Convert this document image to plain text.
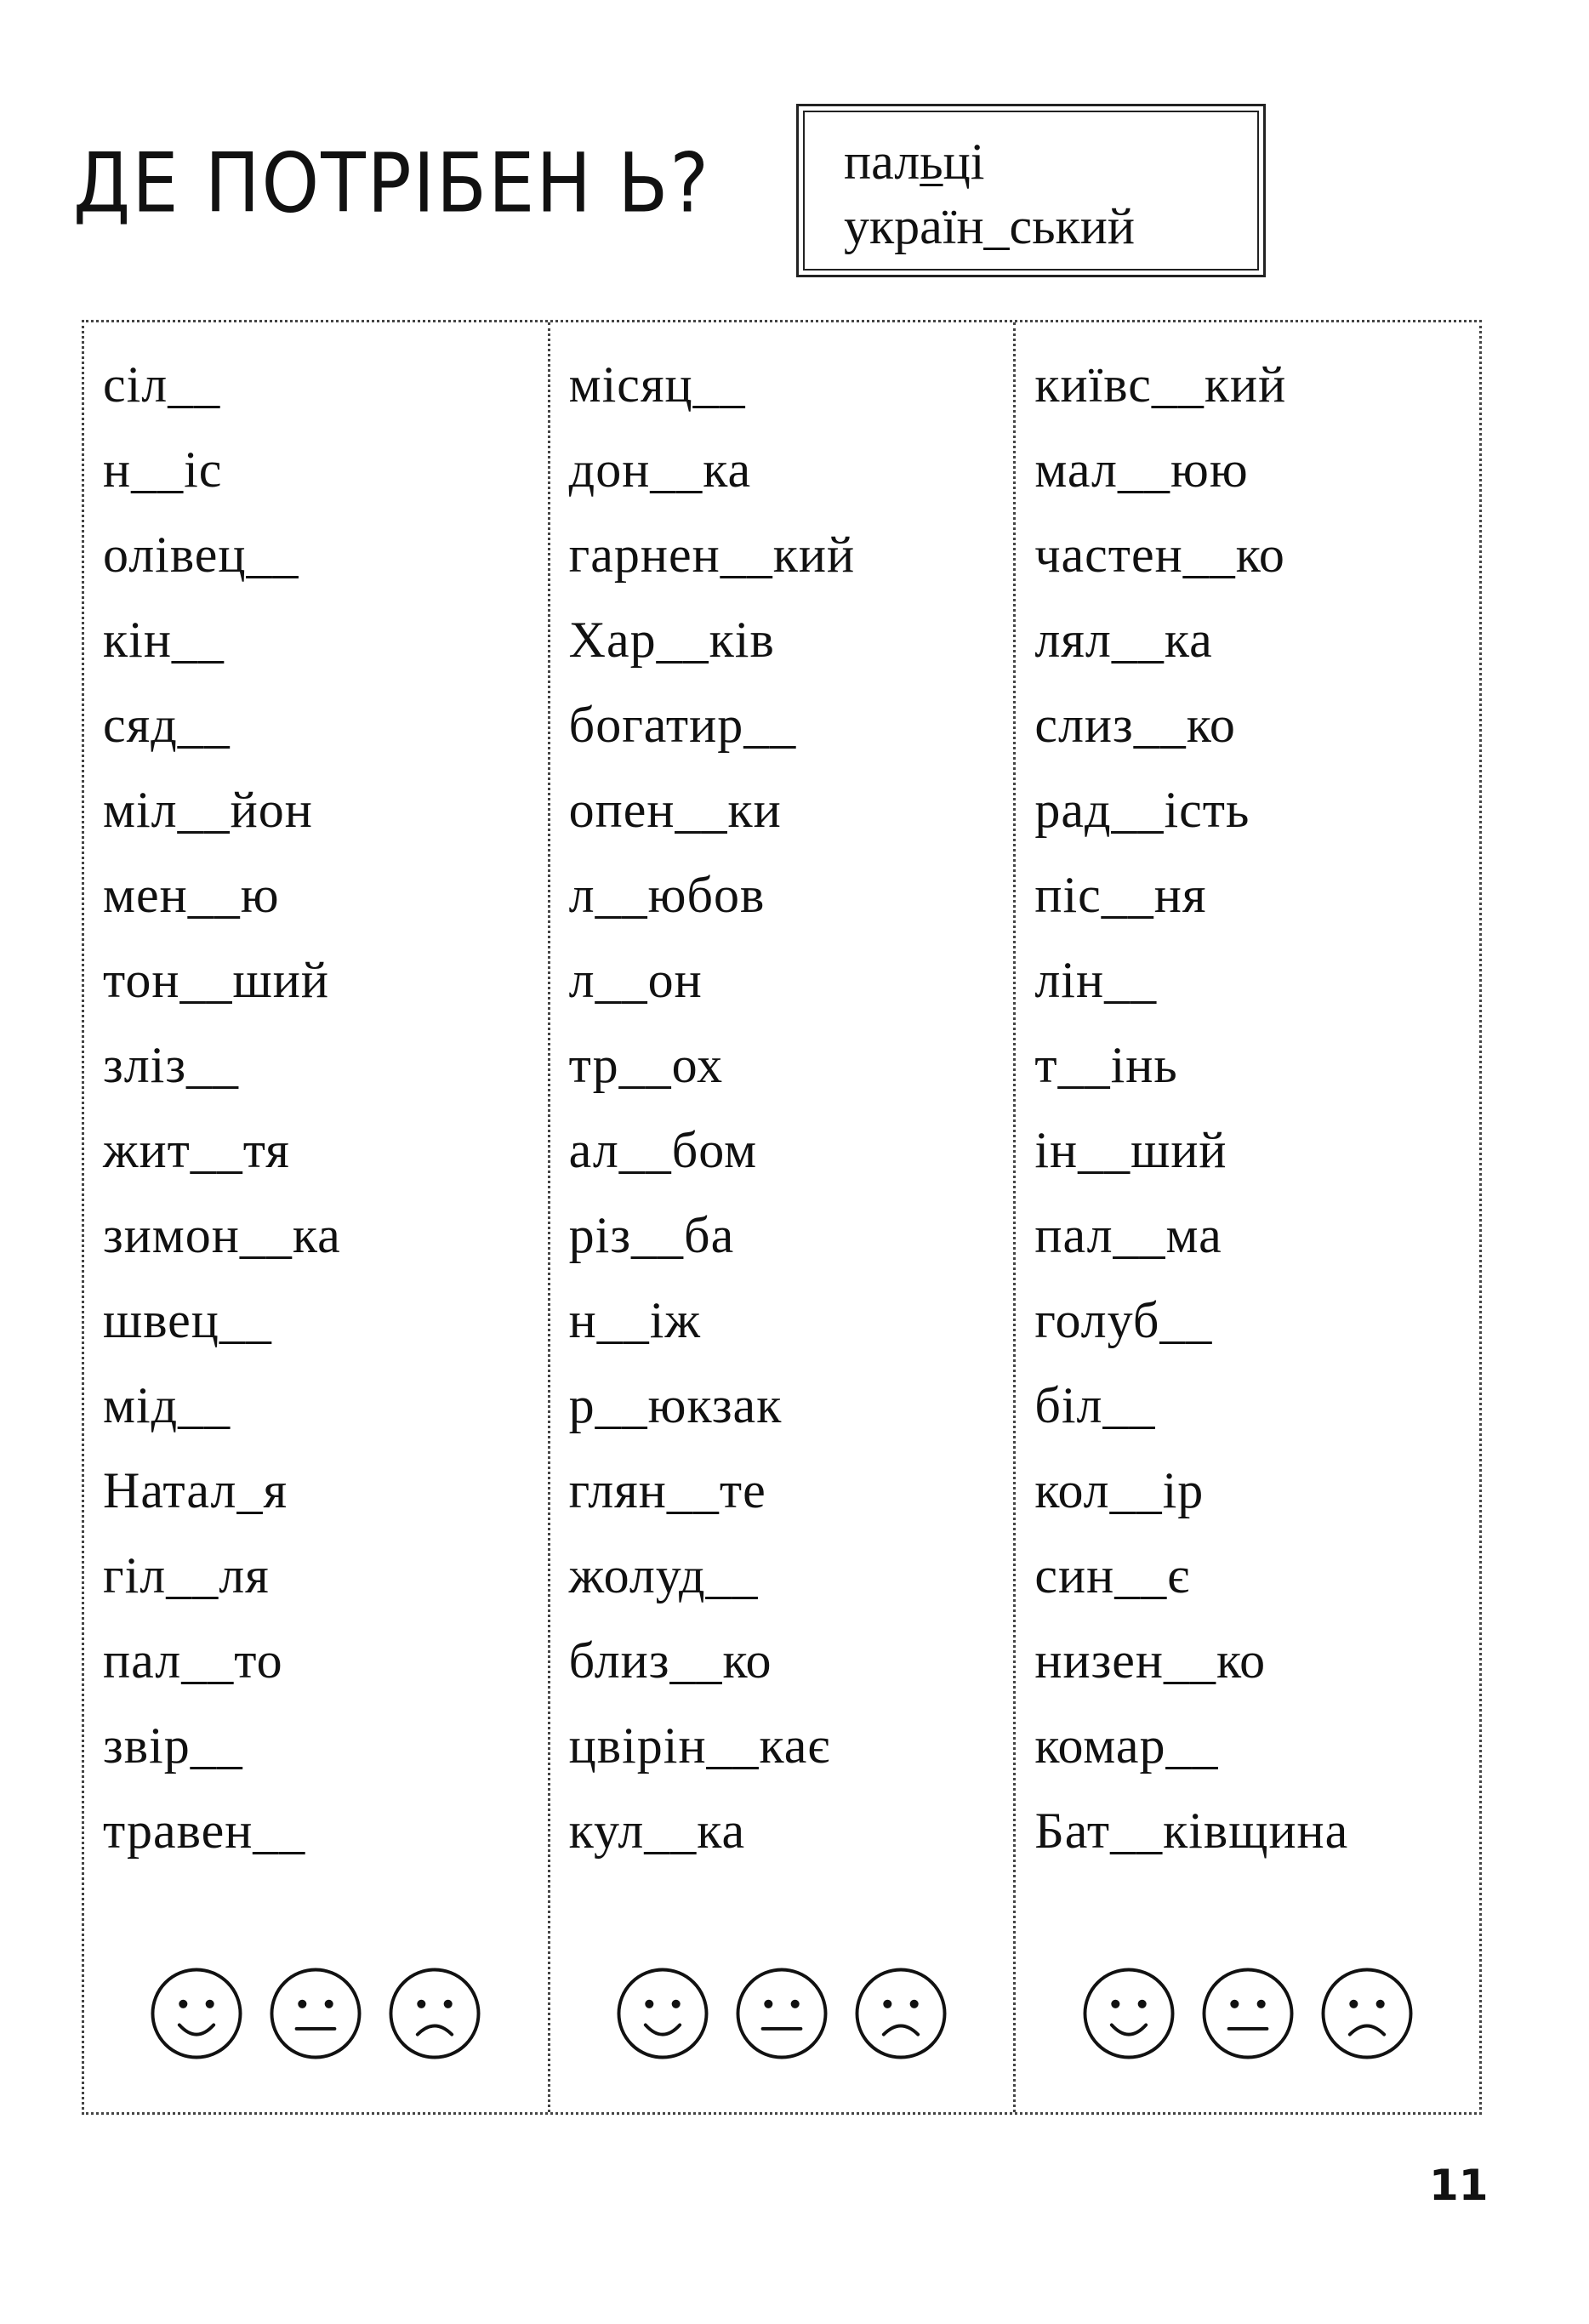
ДЕ ПОТРІБЕН Ь?	пальці
україн_ський
сіл__
н__іс
олівец__
кін__
сяд__
міл__йон
мен__ю
тон__ший
зліз__
жит__тя
зимон__ка
швец__
мід__
Натал_я
гіл__ля
пал__то
звір__
травен__
місяц__
дон__ка
гарнен__кий
Хар__ків
богатир__
опен__ки
л__юбов
л__он
тр__ох
ал__бом
різ__ба
н__іж
р__юкзак
глян__те
жолуд__
близ__ко
цвірін__кає
кул__ка
київс__кий
мал__юю
частен__ко
лял__ка
слиз__ко
рад__ість
піс__ня
лін__
т__інь
ін__ший
пал__ма
голуб__
біл__
кол__ір
син__є
низен__ко
комар__
Бат__ківщина
11
